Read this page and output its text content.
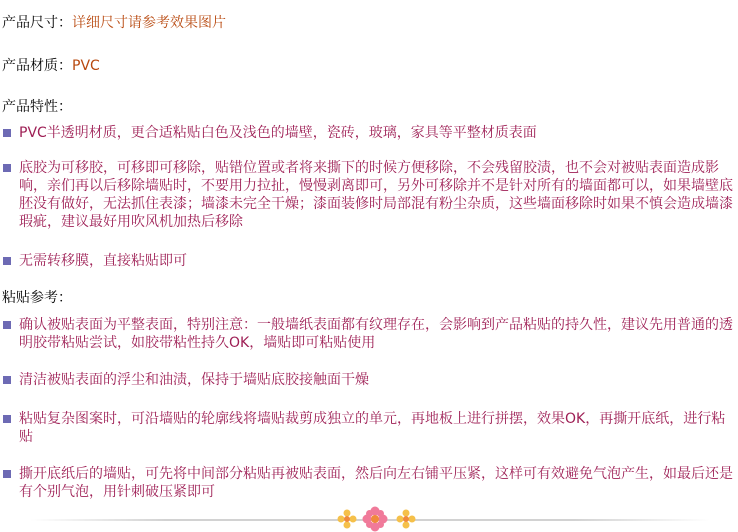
产品尺寸：详细尺寸请参考效果图片
产品材质：PVC
产品特性：
PVC半透明材质，更合适粘贴白色及浅色的墙壁，瓷砖，玻璃，家具等平整材质表面
底胶为可移胶，可移即可移除，贴错位置或者将来撕下的时候方便移除，不会残留胶渍，也不会对被贴表面造成影响，亲们再以后移除墙贴时，不要用力拉扯，慢慢剥离即可，另外可移除并不是针对所有的墙面都可以，如果墙壁底胚没有做好，无法抓住表漆；墙漆未完全干燥；漆面装修时局部混有粉尘杂质，这些墙面移除时如果不慎会造成墙漆瑕疵，建议最好用吹风机加热后移除
无需转移膜，直接粘贴即可
粘贴参考：
确认被贴表面为平整表面，特别注意：一般墙纸表面都有纹理存在，会影响到产品粘贴的持久性，建议先用普通的透明胶带粘贴尝试，如胶带粘性持久OK，墙贴即可粘贴使用
清洁被贴表面的浮尘和油渍，保持于墙贴底胶接触面干燥
粘贴复杂图案时，可沿墙贴的轮廓线将墙贴裁剪成独立的单元，再地板上进行拼摆，效果OK，再撕开底纸，进行粘贴
撕开底纸后的墙贴，可先将中间部分粘贴再被贴表面，然后向左右铺平压紧，这样可有效避免气泡产生，如最后还是有个别气泡，用针刺破压紧即可
